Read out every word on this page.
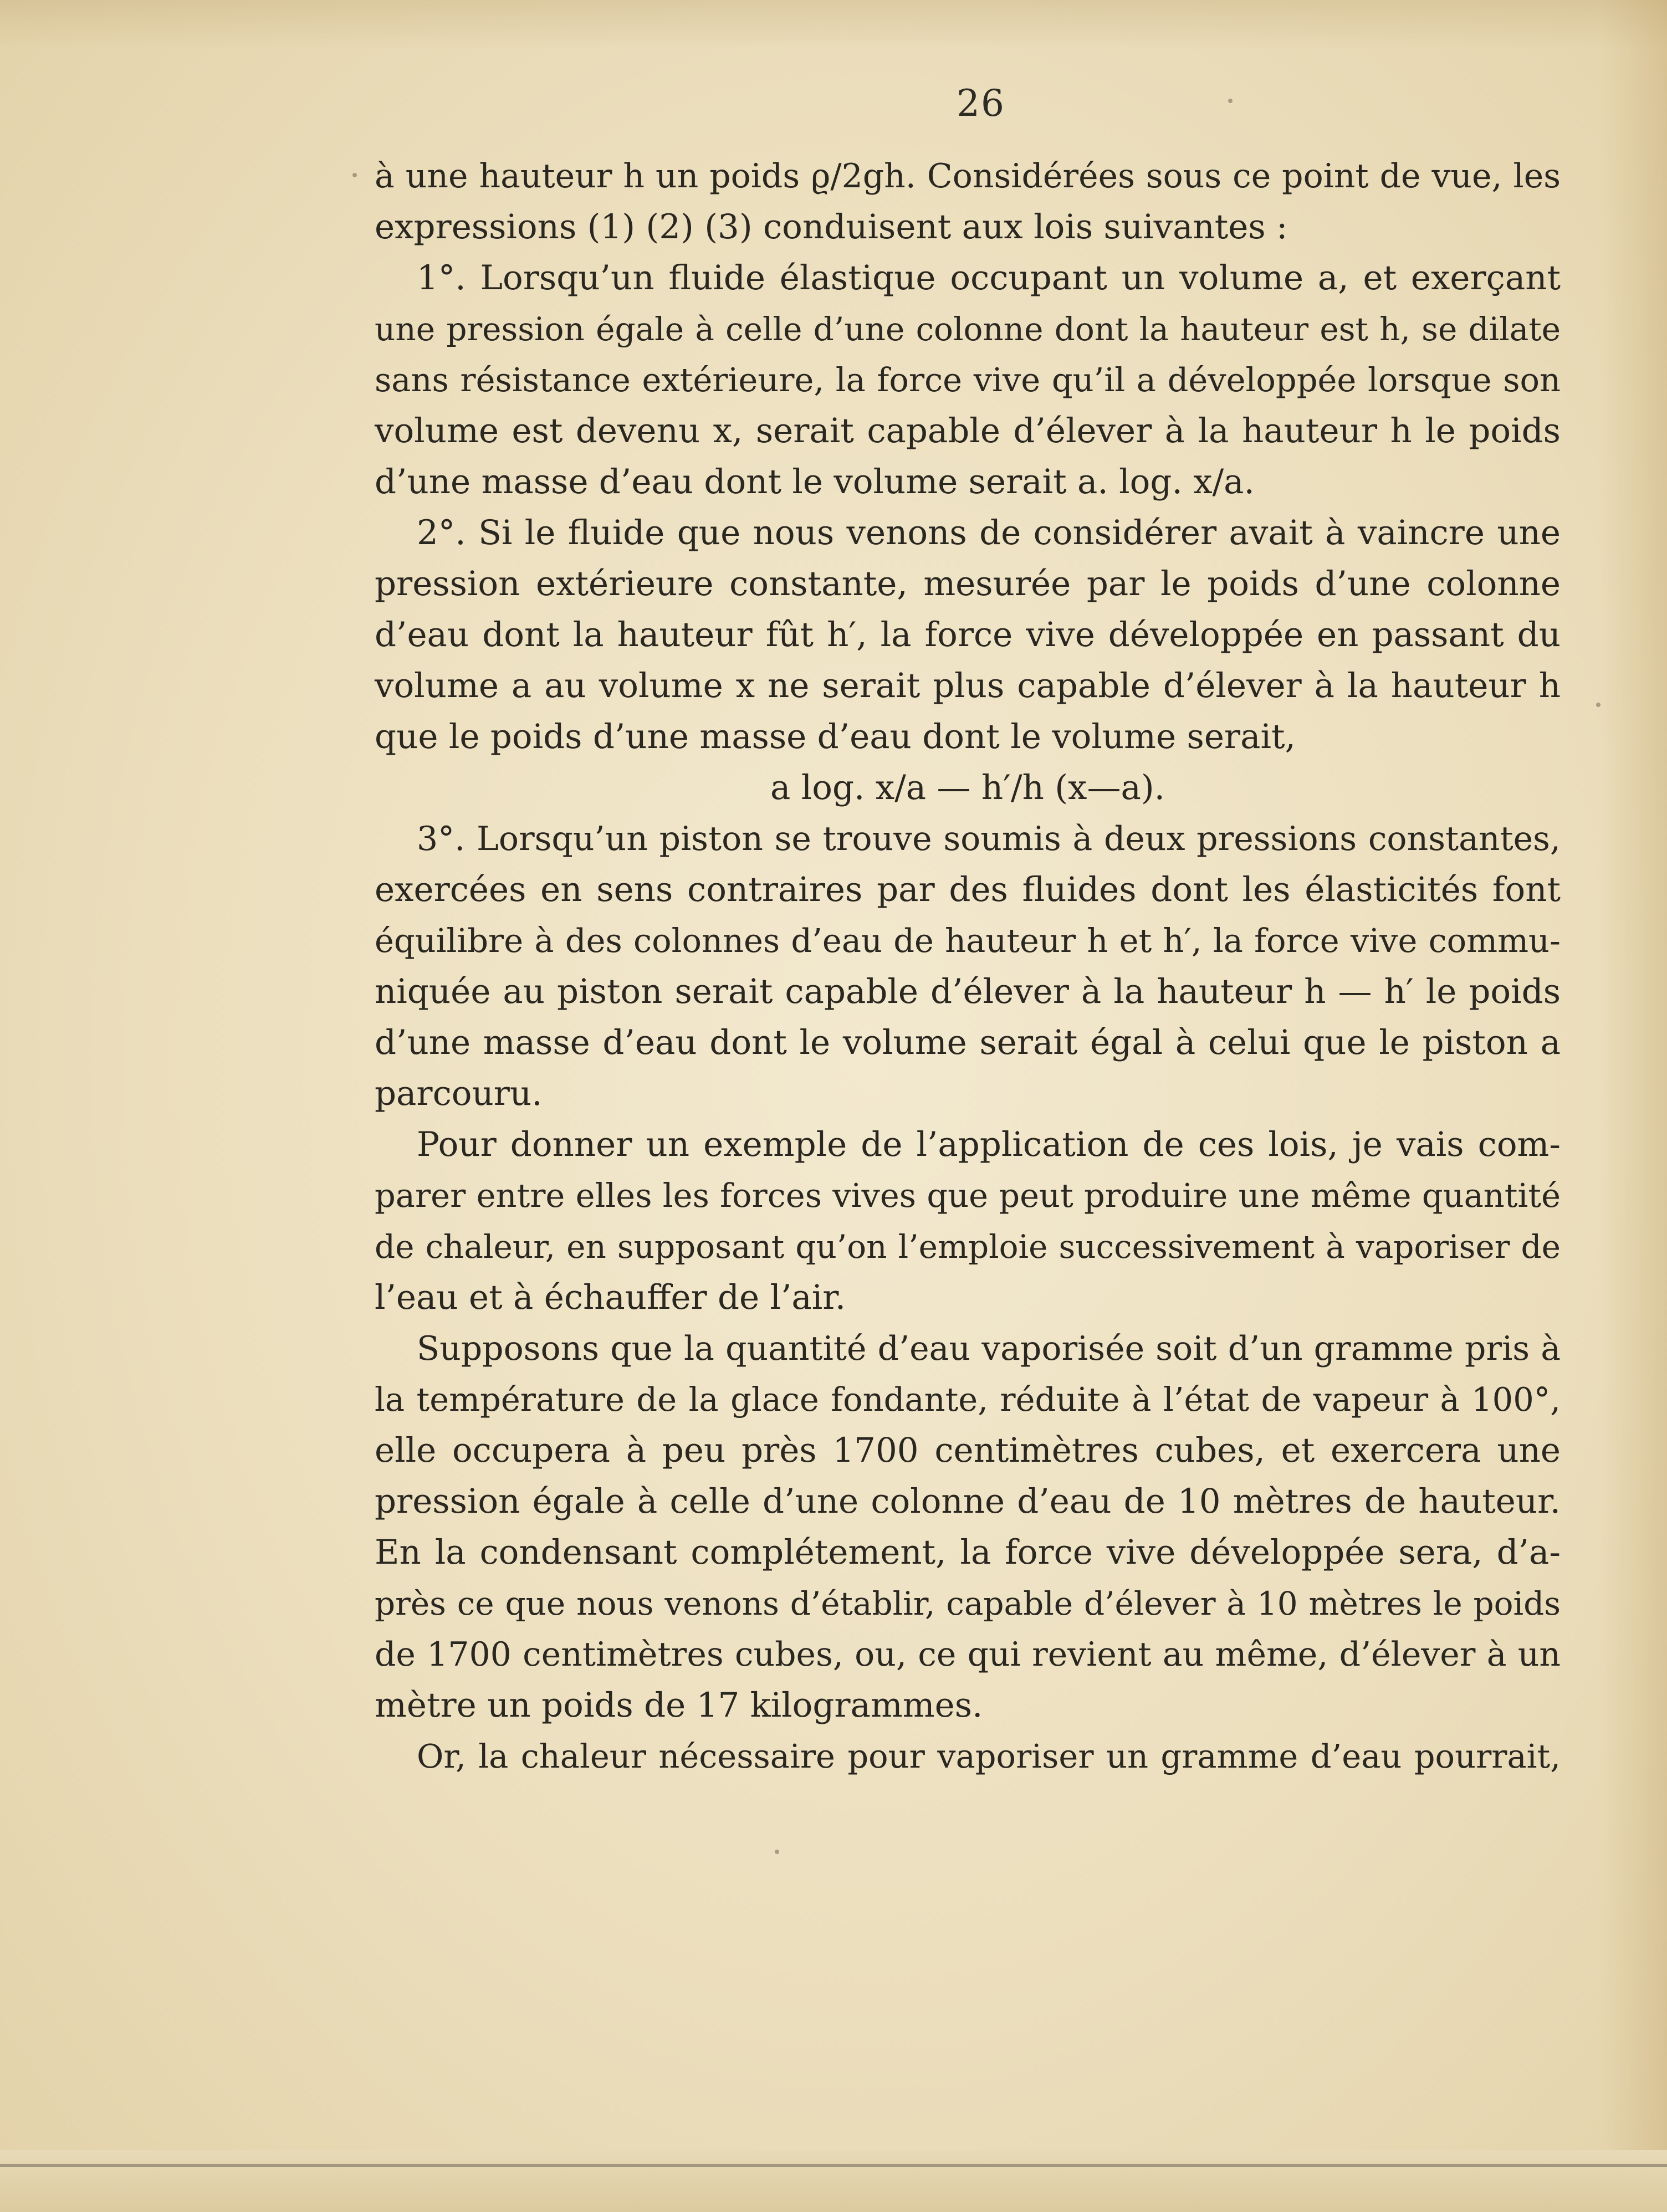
26
à une hauteur h un poids ϱ/2gh. Considérées sous ce point de vue, les
expressions (1) (2) (3) conduisent aux lois suivantes :
1°. Lorsqu’un fluide élastique occupant un volume a, et exerçant
une pression égale à celle d’une colonne dont la hauteur est h, se dilate
sans résistance extérieure, la force vive qu’il a développée lorsque son
volume est devenu x, serait capable d’élever à la hauteur h le poids
d’une masse d’eau dont le volume serait a. log. x/a.
2°. Si le fluide que nous venons de considérer avait à vaincre une
pression extérieure constante, mesurée par le poids d’une colonne
d’eau dont la hauteur fût h′, la force vive développée en passant du
volume a au volume x ne serait plus capable d’élever à la hauteur h
que le poids d’une masse d’eau dont le volume serait,
a log. x/a — h′/h (x—a).
3°. Lorsqu’un piston se trouve soumis à deux pressions constantes,
exercées en sens contraires par des fluides dont les élasticités font
équilibre à des colonnes d’eau de hauteur h et h′, la force vive commu-
niquée au piston serait capable d’élever à la hauteur h — h′ le poids
d’une masse d’eau dont le volume serait égal à celui que le piston a
parcouru.
Pour donner un exemple de l’application de ces lois, je vais com-
parer entre elles les forces vives que peut produire une même quantité
de chaleur, en supposant qu’on l’emploie successivement à vaporiser de
l’eau et à échauffer de l’air.
Supposons que la quantité d’eau vaporisée soit d’un gramme pris à
la température de la glace fondante, réduite à l’état de vapeur à 100°,
elle occupera à peu près 1700 centimètres cubes, et exercera une
pression égale à celle d’une colonne d’eau de 10 mètres de hauteur.
En la condensant complétement, la force vive développée sera, d’a-
près ce que nous venons d’établir, capable d’élever à 10 mètres le poids
de 1700 centimètres cubes, ou, ce qui revient au même, d’élever à un
mètre un poids de 17 kilogrammes.
Or, la chaleur nécessaire pour vaporiser un gramme d’eau pourrait,
